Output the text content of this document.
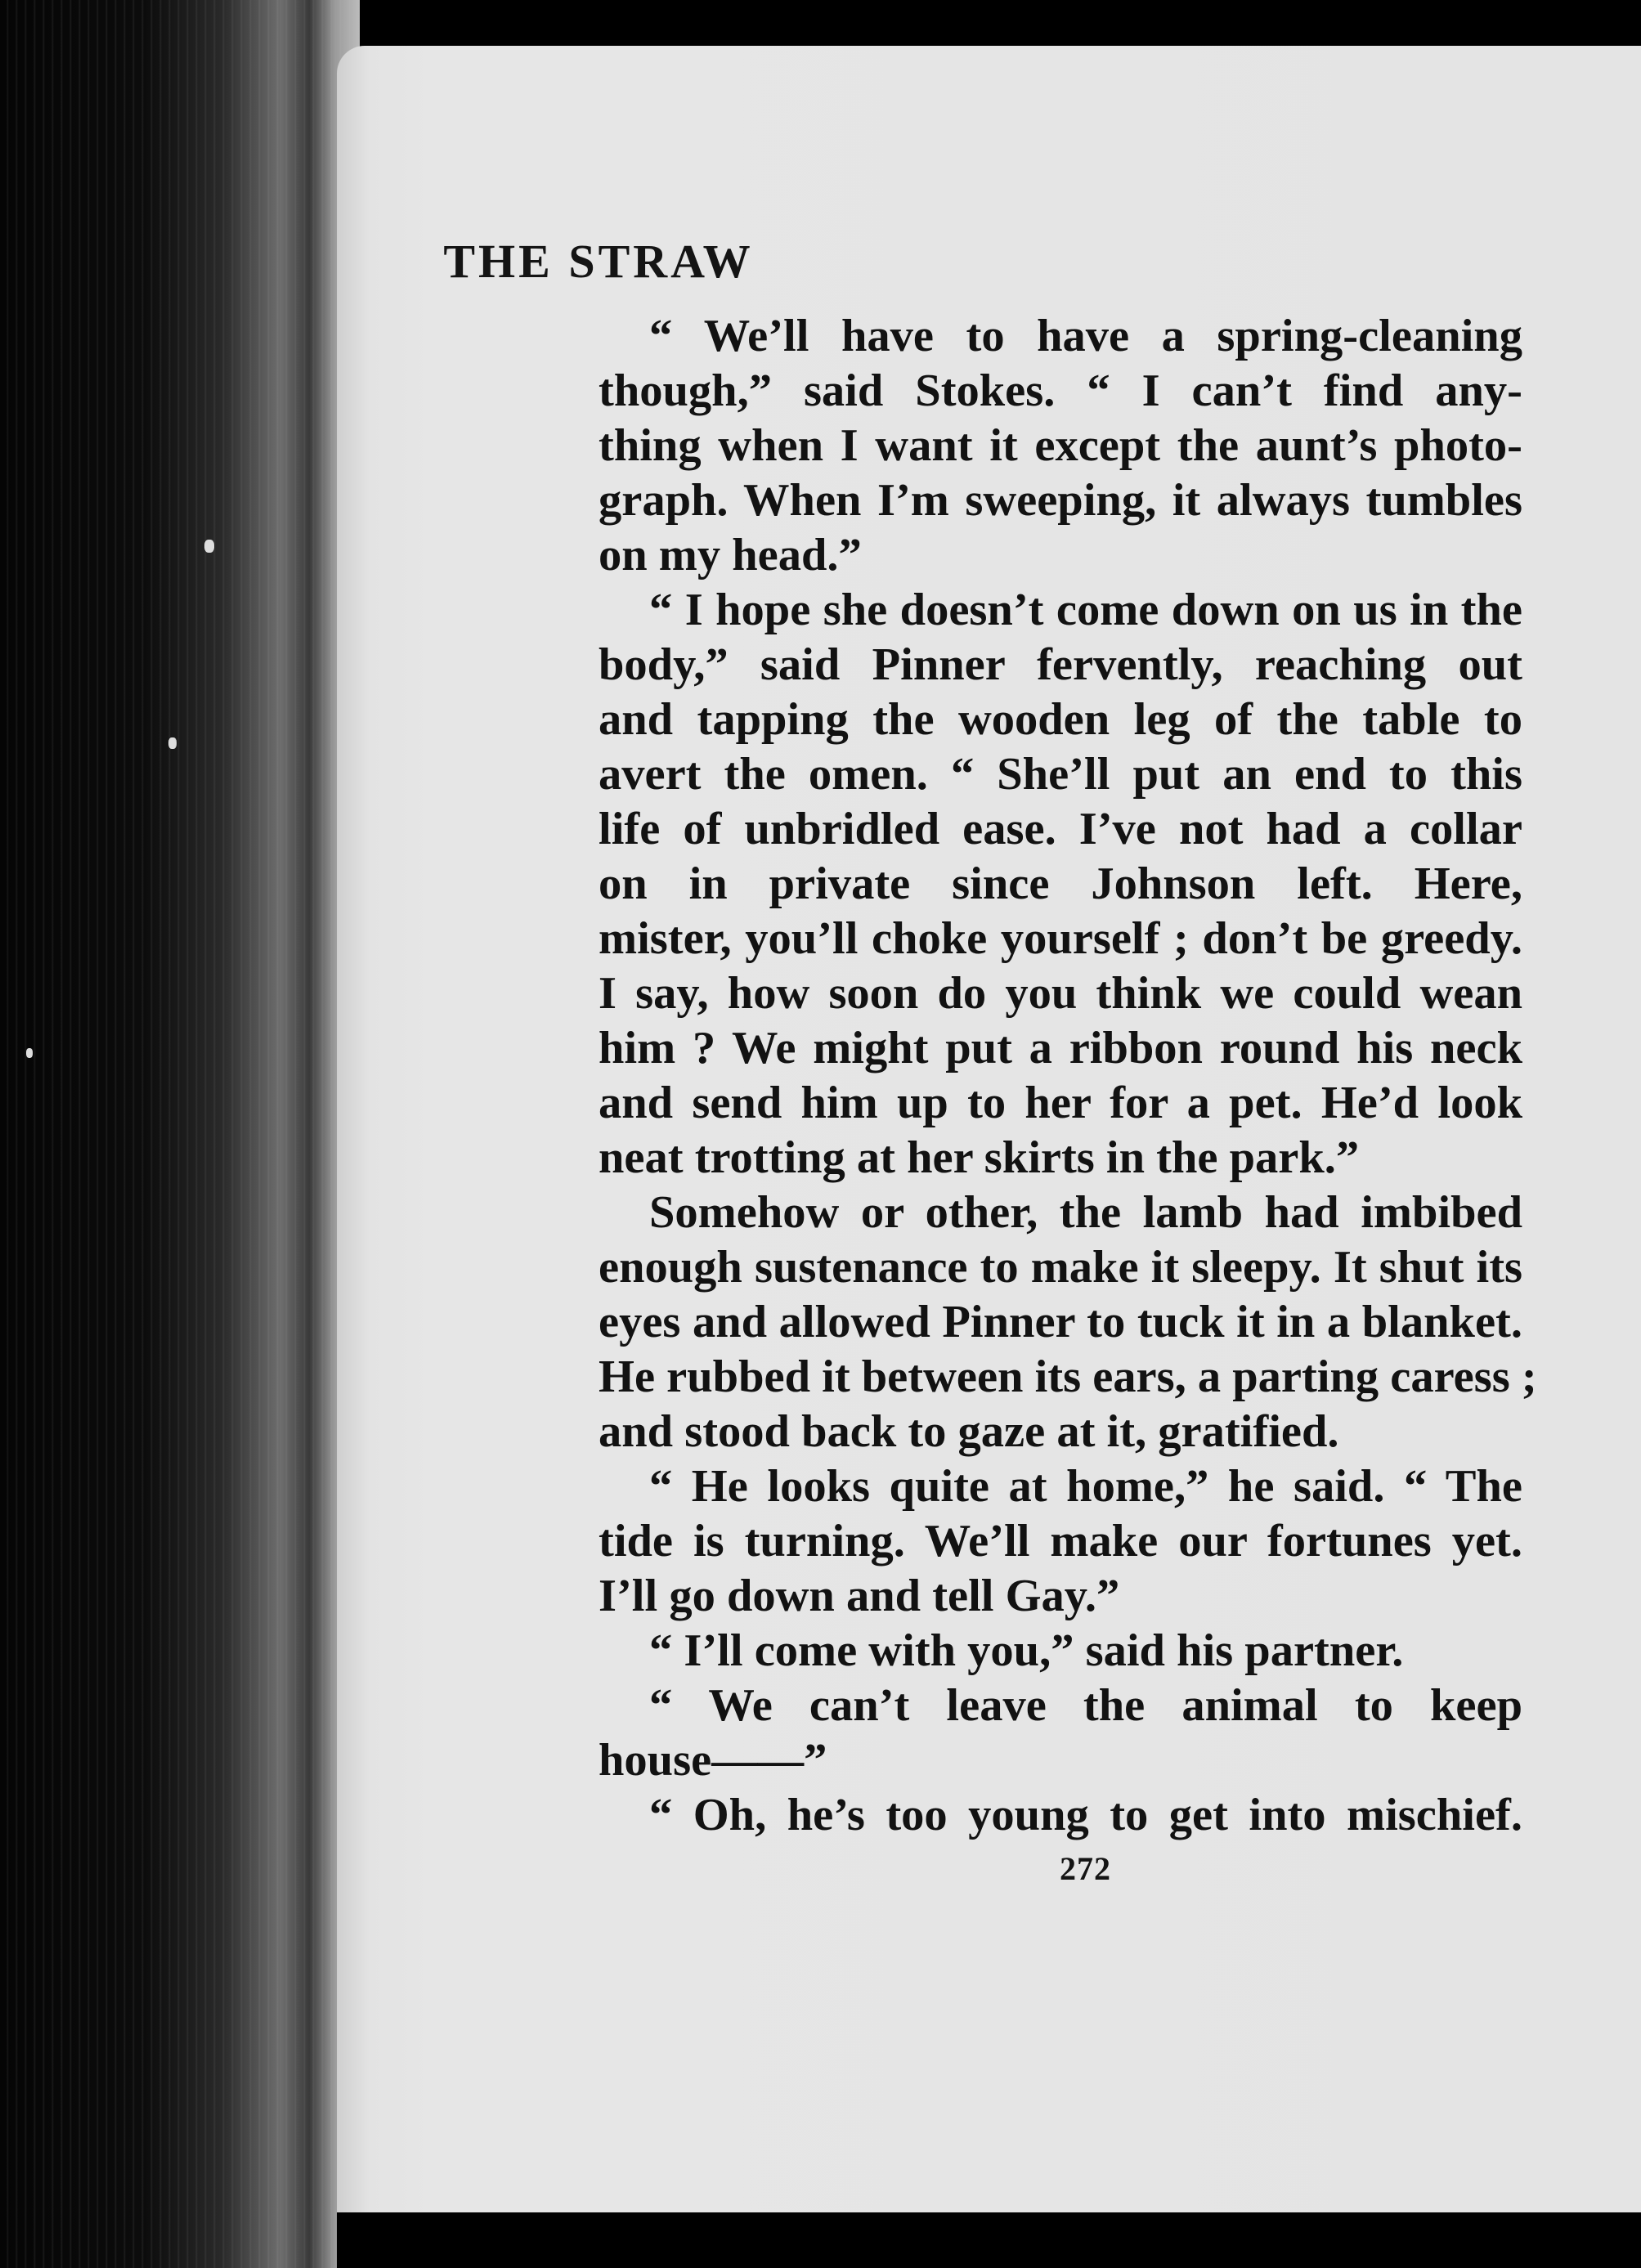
THE STRAW
“ We’ll have to have a spring-cleaning
though,” said Stokes. “ I can’t find any-
thing when I want it except the aunt’s photo-
graph. When I’m sweeping, it always tumbles
on my head.”
“ I hope she doesn’t come down on us in the
body,” said Pinner fervently, reaching out
and tapping the wooden leg of the table to
avert the omen. “ She’ll put an end to this
life of unbridled ease. I’ve not had a collar
on in private since Johnson left. Here,
mister, you’ll choke yourself ; don’t be greedy.
I say, how soon do you think we could wean
him ? We might put a ribbon round his neck
and send him up to her for a pet. He’d look
neat trotting at her skirts in the park.”
Somehow or other, the lamb had imbibed
enough sustenance to make it sleepy. It shut its
eyes and allowed Pinner to tuck it in a blanket.
He rubbed it between its ears, a parting caress ;
and stood back to gaze at it, gratified.
“ He looks quite at home,” he said. “ The
tide is turning. We’ll make our fortunes yet.
I’ll go down and tell Gay.”
“ I’ll come with you,” said his partner.
“ We can’t leave the animal to keep
house——”
“ Oh, he’s too young to get into mischief.
272
